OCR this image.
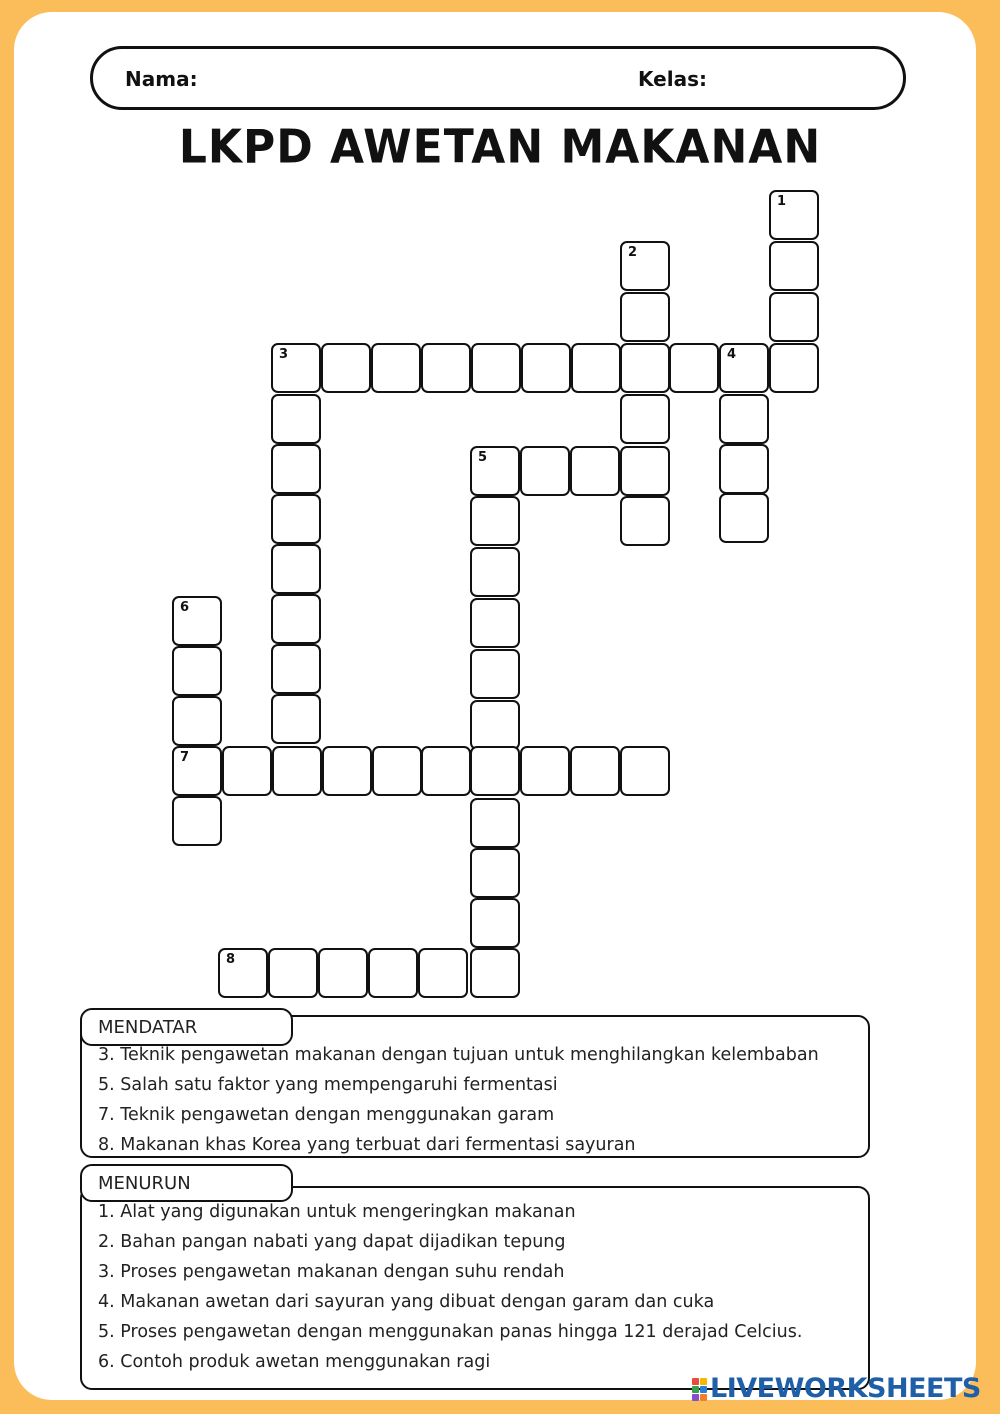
Nama:	Kelas:
LKPD AWETAN MAKANAN
3	4
1
2
5
6
7
8
MENDATAR
3. Teknik pengawetan makanan dengan tujuan untuk menghilangkan kelembaban
5. Salah satu faktor yang mempengaruhi fermentasi
7. Teknik pengawetan dengan menggunakan garam
8. Makanan khas Korea yang terbuat dari fermentasi sayuran
MENURUN
1. Alat yang digunakan untuk mengeringkan makanan
2. Bahan pangan nabati yang dapat dijadikan tepung
3. Proses pengawetan makanan dengan suhu rendah
4. Makanan awetan dari sayuran yang dibuat dengan garam dan cuka
5. Proses pengawetan dengan menggunakan panas hingga 121 derajad Celcius.
6. Contoh produk awetan menggunakan ragi
LIVEWORKSHEETS
